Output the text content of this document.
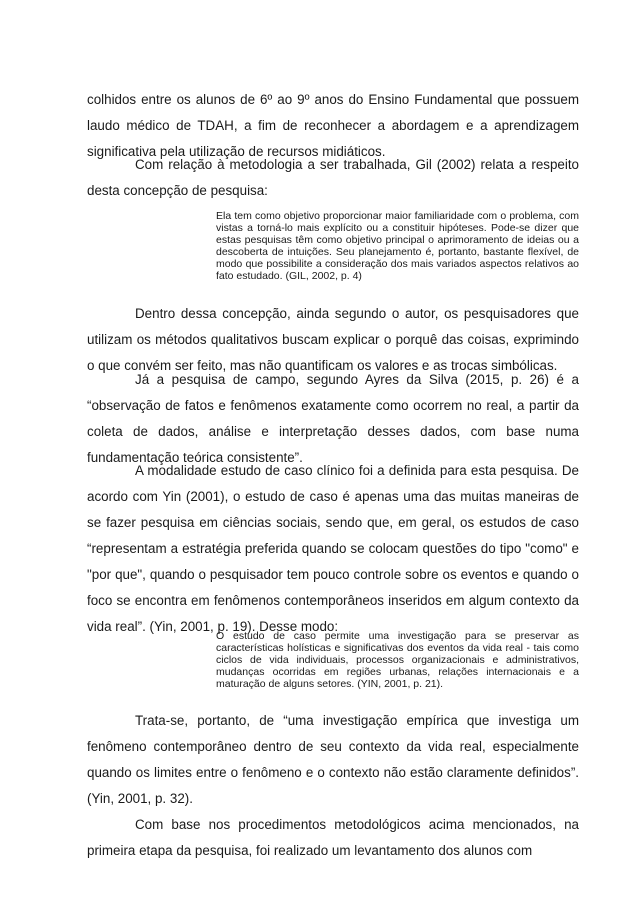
colhidos entre os alunos de 6º ao 9º anos do Ensino Fundamental que possuem laudo médico de TDAH, a fim de reconhecer a abordagem e a aprendizagem significativa pela utilização de recursos midiáticos.

Com relação à metodologia a ser trabalhada, Gil (2002) relata a respeito desta concepção de pesquisa:

Ela tem como objetivo proporcionar maior familiaridade com o problema, com vistas a torná-lo mais explícito ou a constituir hipóteses. Pode-se dizer que estas pesquisas têm como objetivo principal o aprimoramento de ideias ou a descoberta de intuições. Seu planejamento é, portanto, bastante flexível, de modo que possibilite a consideração dos mais variados aspectos relativos ao fato estudado. (GIL, 2002, p. 4)

Dentro dessa concepção, ainda segundo o autor, os pesquisadores que utilizam os métodos qualitativos buscam explicar o porquê das coisas, exprimindo o que convém ser feito, mas não quantificam os valores e as trocas simbólicas.

Já a pesquisa de campo, segundo Ayres da Silva (2015, p. 26) é a “observação de fatos e fenômenos exatamente como ocorrem no real, a partir da coleta de dados, análise e interpretação desses dados, com base numa fundamentação teórica consistente”.

A modalidade estudo de caso clínico foi a definida para esta pesquisa. De acordo com Yin (2001), o estudo de caso é apenas uma das muitas maneiras de se fazer pesquisa em ciências sociais, sendo que, em geral, os estudos de caso “representam a estratégia preferida quando se colocam questões do tipo "como" e "por que", quando o pesquisador tem pouco controle sobre os eventos e quando o foco se encontra em fenômenos contemporâneos inseridos em algum contexto da vida real”. (Yin, 2001, p. 19). Desse modo:

O estudo de caso permite uma investigação para se preservar as características holísticas e significativas dos eventos da vida real - tais como ciclos de vida individuais, processos organizacionais e administrativos, mudanças ocorridas em regiões urbanas, relações internacionais e a maturação de alguns setores. (YIN, 2001, p. 21).

Trata-se, portanto, de “uma investigação empírica que investiga um fenômeno contemporâneo dentro de seu contexto da vida real, especialmente quando os limites entre o fenômeno e o contexto não estão claramente definidos”. (Yin, 2001, p. 32).

Com base nos procedimentos metodológicos acima mencionados, na primeira etapa da pesquisa, foi realizado um levantamento dos alunos com
